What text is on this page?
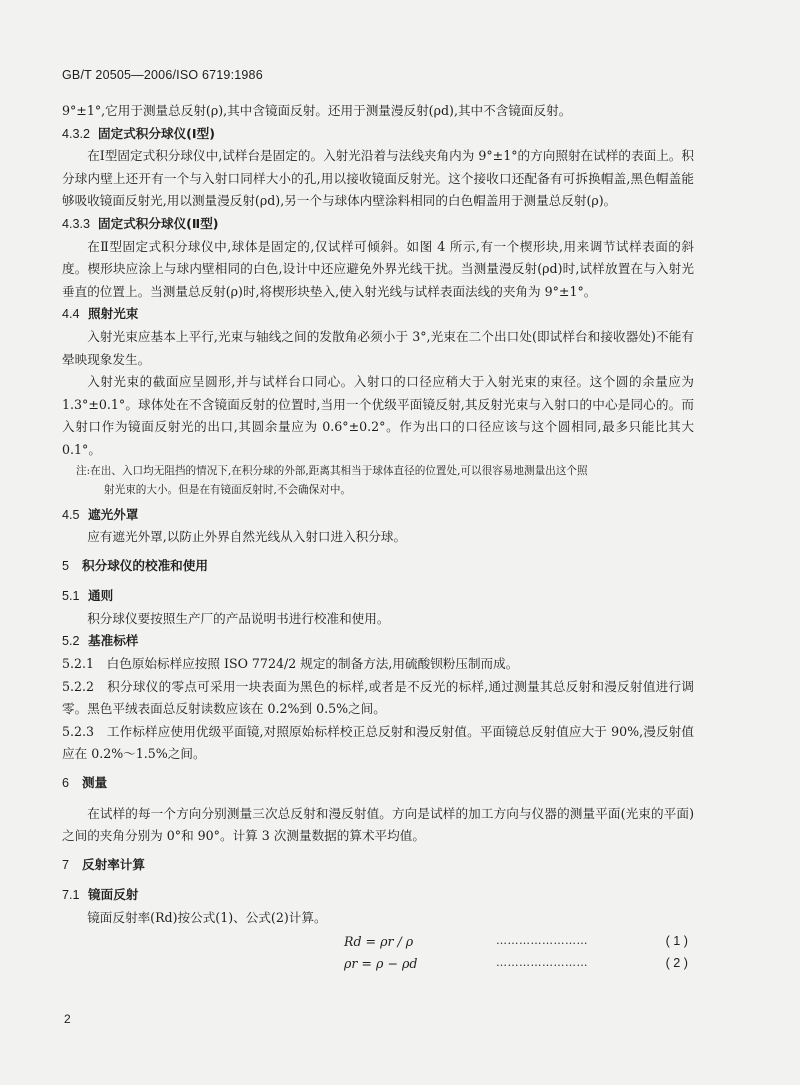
GB/T 20505—2006/ISO 6719:1986

9°±1°,它用于测量总反射(ρ),其中含镜面反射。还用于测量漫反射(ρd),其中不含镜面反射。

4.3.2 固定式积分球仪(Ⅰ型)

在Ⅰ型固定式积分球仪中,试样台是固定的。入射光沿着与法线夹角内为 9°±1°的方向照射在试样的表面上。积分球内壁上还开有一个与入射口同样大小的孔,用以接收镜面反射光。这个接收口还配备有可拆换帽盖,黑色帽盖能够吸收镜面反射光,用以测量漫反射(ρd),另一个与球体内壁涂料相同的白色帽盖用于测量总反射(ρ)。

4.3.3 固定式积分球仪(Ⅱ型)

在Ⅱ型固定式积分球仪中,球体是固定的,仅试样可倾斜。如图 4 所示,有一个楔形块,用来调节试样表面的斜度。楔形块应涂上与球内壁相同的白色,设计中还应避免外界光线干扰。当测量漫反射(ρd)时,试样放置在与入射光垂直的位置上。当测量总反射(ρ)时,将楔形块垫入,使入射光线与试样表面法线的夹角为 9°±1°。

4.4 照射光束

入射光束应基本上平行,光束与轴线之间的发散角必须小于 3°,光束在二个出口处(即试样台和接收器处)不能有晕映现象发生。

入射光束的截面应呈圆形,并与试样台口同心。入射口的口径应稍大于入射光束的束径。这个圆的余量应为 1.3°±0.1°。球体处在不含镜面反射的位置时,当用一个优级平面镜反射,其反射光束与入射口的中心是同心的。而入射口作为镜面反射光的出口,其圆余量应为 0.6°±0.2°。作为出口的口径应该与这个圆相同,最多只能比其大 0.1°。

注:在出、入口均无阻挡的情况下,在积分球的外部,距离其相当于球体直径的位置处,可以很容易地测量出这个照

射光束的大小。但是在有镜面反射时,不会确保对中。

4.5 遮光外罩

应有遮光外罩,以防止外界自然光线从入射口进入积分球。

5	积分球仪的校准和使用
5.1 通则

积分球仪要按照生产厂的产品说明书进行校准和使用。

5.2 基准标样

5.2.1　白色原始标样应按照 ISO 7724/2 规定的制备方法,用硫酸钡粉压制而成。

5.2.2　积分球仪的零点可采用一块表面为黑色的标样,或者是不反光的标样,通过测量其总反射和漫反射值进行调零。黑色平绒表面总反射读数应该在 0.2%到 0.5%之间。

5.2.3　工作标样应使用优级平面镜,对照原始标样校正总反射和漫反射值。平面镜总反射值应大于 90%,漫反射值应在 0.2%～1.5%之间。

6	测量

在试样的每一个方向分别测量三次总反射和漫反射值。方向是试样的加工方向与仪器的测量平面(光束的平面)之间的夹角分别为 0°和 90°。计算 3 次测量数据的算术平均值。

7	反射率计算
7.1 镜面反射

镜面反射率(Rd)按公式(1)、公式(2)计算。

Rd = ρr / ρ	……………………	( 1 )
ρr = ρ − ρd	……………………	( 2 )
2
